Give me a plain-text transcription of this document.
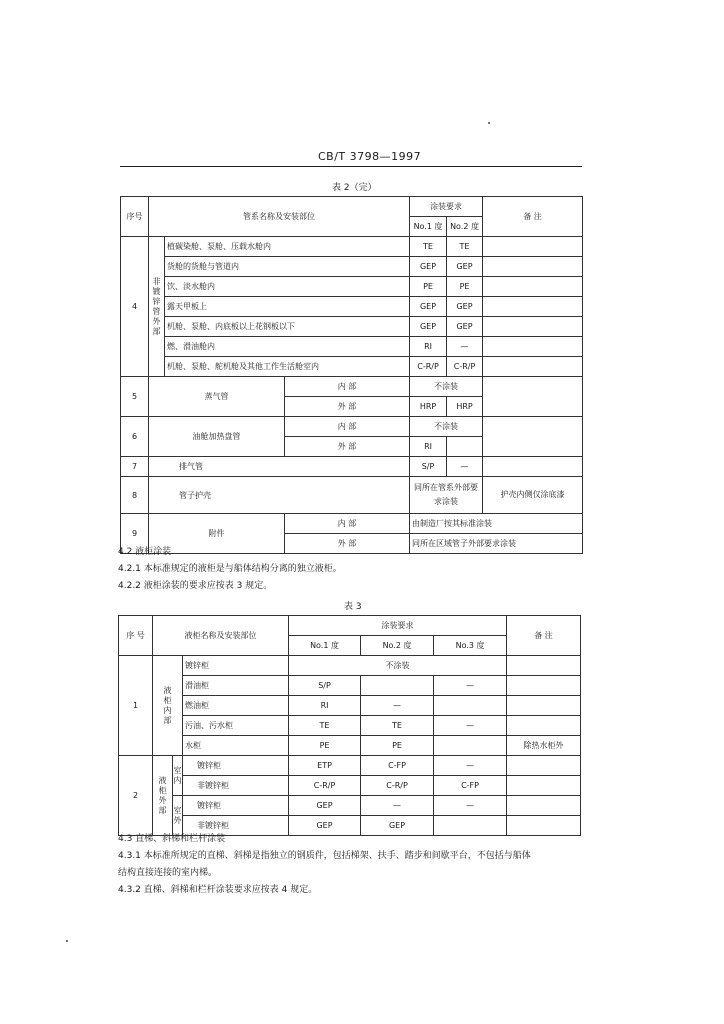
CB/T 3798—1997
表 2（完）
序号	管系名称及安装部位			涂装要求		备 注
				No.1 度	No.2 度	
4	非镀锌管外部	植碳染舱、泵舱、压载水舱内		TE	TE	
		货舱的货舱与管道内		GEP	GEP	
		饮、淡水舱内		PE	PE	
		露天甲板上		GEP	GEP	
		机舱、泵舱、内底板以上花钢板以下		GEP	GEP	
		燃、滑油舱内		RI	—	
		机舱、泵舱、舵机舱及其他工作生活舱室内		C-R/P	C-R/P	
5	蒸气管		内 部	不涂装		
			外 部	HRP	HRP	
6	油舱加热盘管		内 部	不涂装		
			外 部	RI		
7	排气管			S/P	—	
8	管子护壳			同所在管系外部要求涂装		护壳内侧仅涂底漆
9	附件		内 部	由制造厂按其标准涂装		
			外 部	同所在区域管子外部要求涂装		
4.2 液柜涂装
4.2.1 本标准规定的液柜是与船体结构分离的独立液柜。
4.2.2 液柜涂装的要求应按表 3 规定。
表 3
序 号	液柜名称及安装部位			涂装要求			备 注
				No.1 度	No.2 度	No.3 度	
1	液柜内部		镀锌柜	不涂装			
			滑油柜	S/P		—	
			燃油柜	RI	—		
			污油、污水柜	TE	TE	—	
			水柜	PE	PE		除热水柜外
2	液柜外部	室内	镀锌柜	ETP	C-FP	—	
			非镀锌柜	C-R/P	C-R/P	C-FP	
		室外	镀锌柜	GEP	—	—	
			非镀锌柜	GEP	GEP		
4.3 直梯、斜梯和栏杆涂装
4.3.1 本标准所规定的直梯、斜梯是指独立的钢质件，包括梯架、扶手、踏步和间歇平台，不包括与船体
结构直接连接的室内梯。
4.3.2 直梯、斜梯和栏杆涂装要求应按表 4 规定。
